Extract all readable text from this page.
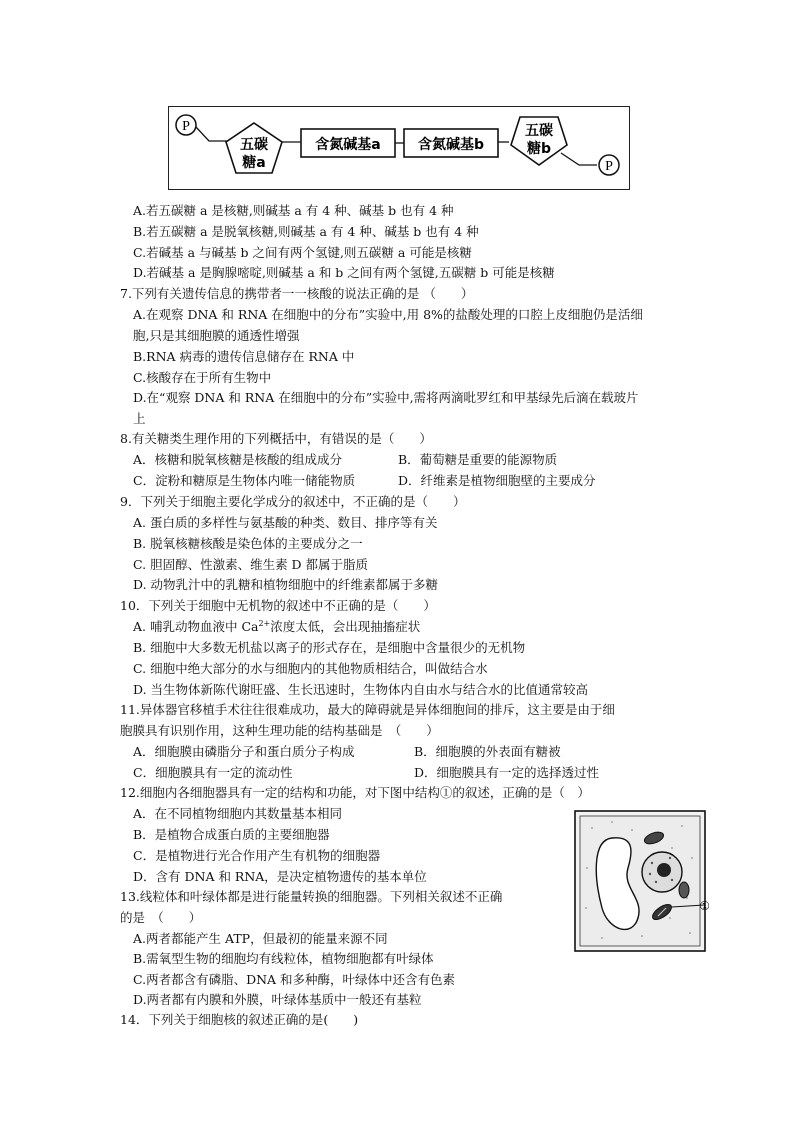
P
五碳
糖a
含氮碱基a	含氮碱基b
五碳
糖b
P
A.若五碳糖 a 是核糖,则碱基 a 有 4 种、碱基 b 也有 4 种
B.若五碳糖 a 是脱氧核糖,则碱基 a 有 4 种、碱基 b 也有 4 种
C.若碱基 a 与碱基 b 之间有两个氢键,则五碳糖 a 可能是核糖
D.若碱基 a 是胸腺嘧啶,则碱基 a 和 b 之间有两个氢键,五碳糖 b 可能是核糖
7.下列有关遗传信息的携带者一一核酸的说法正确的是 （　　）
A.在观察 DNA 和 RNA 在细胞中的分布”实验中,用 8%的盐酸处理的口腔上皮细胞仍是活细
胞,只是其细胞膜的通透性增强
B.RNA 病毒的遗传信息储存在 RNA 中
C.核酸存在于所有生物中
D.在“观察 DNA 和 RNA 在细胞中的分布”实验中,需将两滴吡罗红和甲基绿先后滴在载玻片
上
8.有关糖类生理作用的下列概括中，有错误的是（　　）
A．核糖和脱氧核糖是核酸的组成成分	B．葡萄糖是重要的能源物质
C．淀粉和糖原是生物体内唯一储能物质	D．纤维素是植物细胞壁的主要成分
9．下列关于细胞主要化学成分的叙述中，不正确的是（　　）
A. 蛋白质的多样性与氨基酸的种类、数目、排序等有关
B. 脱氧核糖核酸是染色体的主要成分之一
C. 胆固醇、性激素、维生素 D 都属于脂质
D. 动物乳汁中的乳糖和植物细胞中的纤维素都属于多糖
10．下列关于细胞中无机物的叙述中不正确的是（　　）
A. 哺乳动物血液中 $Ca^{2+}$浓度太低，会出现抽搐症状
B. 细胞中大多数无机盐以离子的形式存在，是细胞中含量很少的无机物
C. 细胞中绝大部分的水与细胞内的其他物质相结合，叫做结合水
D. 当生物体新陈代谢旺盛、生长迅速时，生物体内自由水与结合水的比值通常较高
11.异体器官移植手术往往很难成功，最大的障碍就是异体细胞间的排斥，这主要是由于细
胞膜具有识别作用，这种生理功能的结构基础是　（　　）
A．细胞膜由磷脂分子和蛋白质分子构成	B．细胞膜的外表面有糖被
C．细胞膜具有一定的流动性	D．细胞膜具有一定的选择透过性
12.细胞内各细胞器具有一定的结构和功能，对下图中结构①的叙述，正确的是（　）
A．在不同植物细胞内其数量基本相同
B．是植物合成蛋白质的主要细胞器
C．是植物进行光合作用产生有机物的细胞器
D．含有 DNA 和 RNA，是决定植物遗传的基本单位
13.线粒体和叶绿体都是进行能量转换的细胞器。下列相关叙述不正确
的是　（　　）
A.两者都能产生 ATP，但最初的能量来源不同
B.需氧型生物的细胞均有线粒体，植物细胞都有叶绿体
C.两者都含有磷脂、DNA 和多种酶，叶绿体中还含有色素
D.两者都有内膜和外膜，叶绿体基质中一般还有基粒
14．下列关于细胞核的叙述正确的是(　　)
①
